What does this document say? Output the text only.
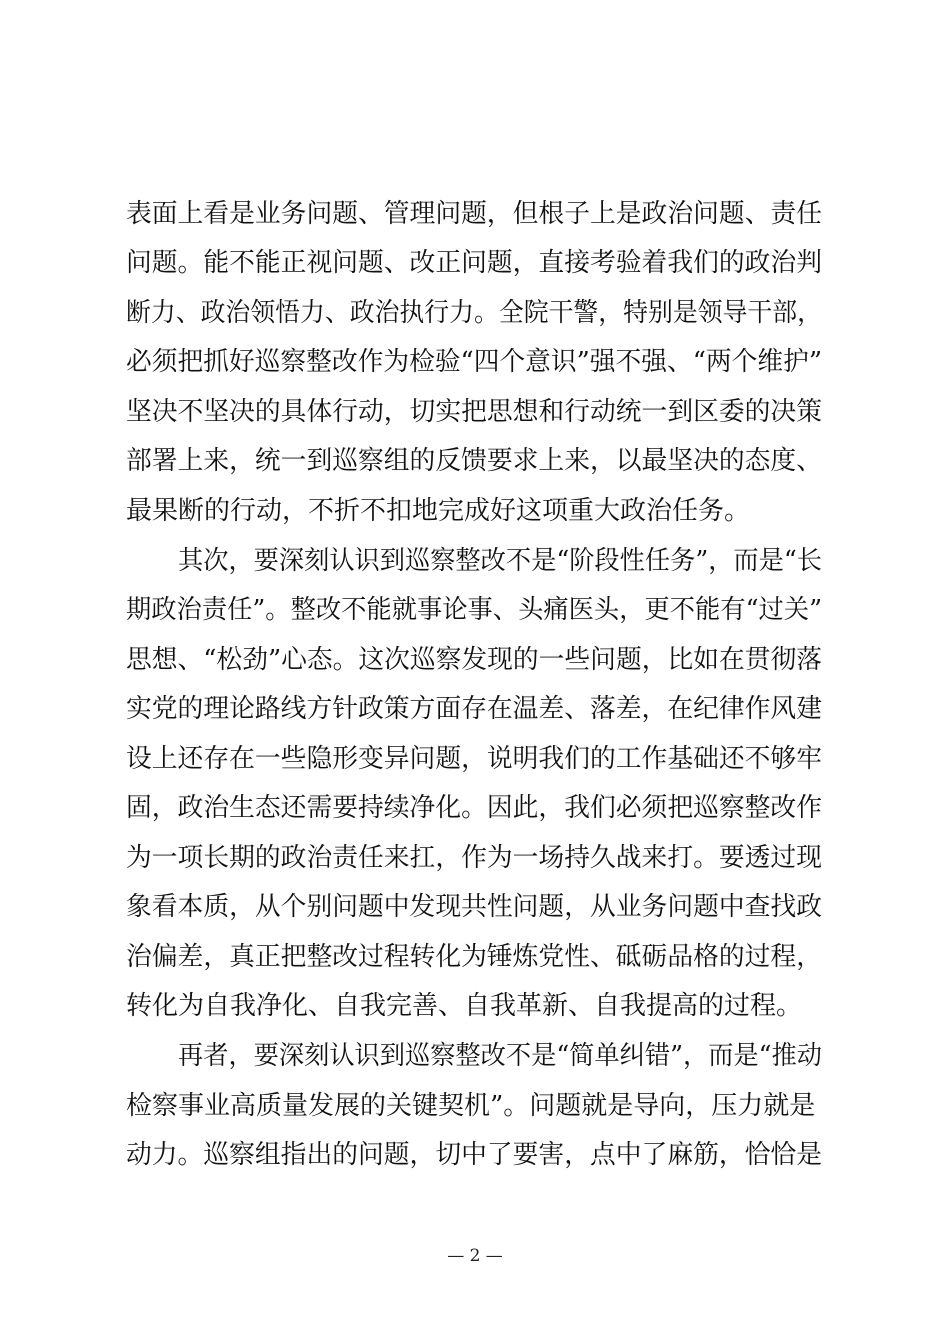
表面上看是业务问题、管理问题，但根子上是政治问题、责任
问题。能不能正视问题、改正问题，直接考验着我们的政治判
断力、政治领悟力、政治执行力。全院干警，特别是领导干部，
必须把抓好巡察整改作为检验“四个意识”强不强、“两个维护”
坚决不坚决的具体行动，切实把思想和行动统一到区委的决策
部署上来，统一到巡察组的反馈要求上来，以最坚决的态度、
最果断的行动，不折不扣地完成好这项重大政治任务。
其次，要深刻认识到巡察整改不是“阶段性任务”，而是“长
期政治责任”。整改不能就事论事、头痛医头，更不能有“过关”
思想、“松劲”心态。这次巡察发现的一些问题，比如在贯彻落
实党的理论路线方针政策方面存在温差、落差，在纪律作风建
设上还存在一些隐形变异问题，说明我们的工作基础还不够牢
固，政治生态还需要持续净化。因此，我们必须把巡察整改作
为一项长期的政治责任来扛，作为一场持久战来打。要透过现
象看本质，从个别问题中发现共性问题，从业务问题中查找政
治偏差，真正把整改过程转化为锤炼党性、砥砺品格的过程，
转化为自我净化、自我完善、自我革新、自我提高的过程。
再者，要深刻认识到巡察整改不是“简单纠错”，而是“推动
检察事业高质量发展的关键契机”。问题就是导向，压力就是
动力。巡察组指出的问题，切中了要害，点中了麻筋，恰恰是
— 2 —
